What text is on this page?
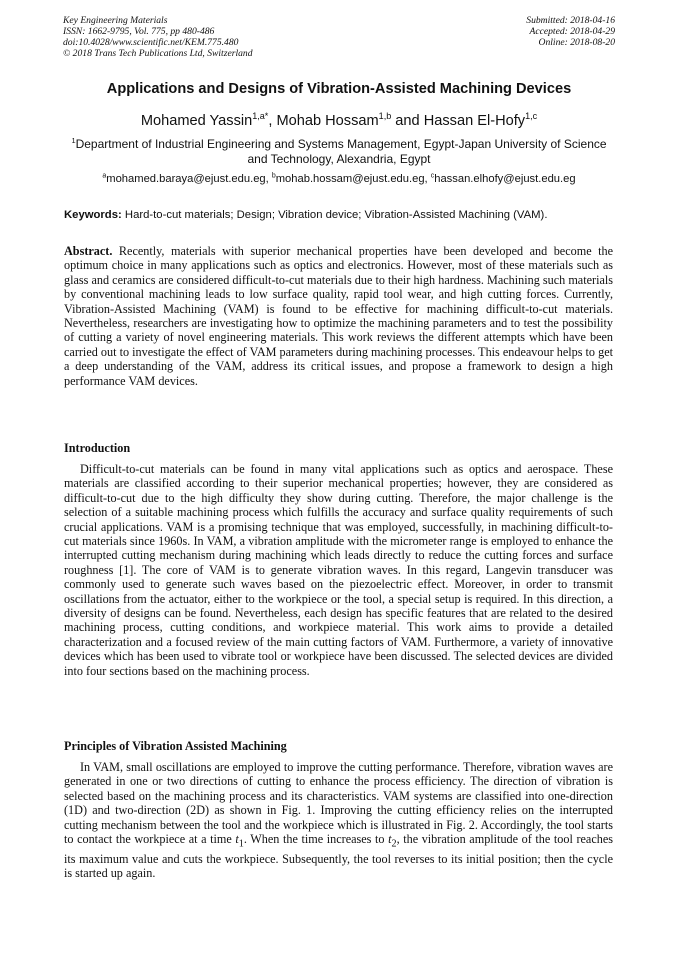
Key Engineering Materials
ISSN: 1662-9795, Vol. 775, pp 480-486
doi:10.4028/www.scientific.net/KEM.775.480
© 2018 Trans Tech Publications Ltd, Switzerland
Submitted: 2018-04-16
Accepted: 2018-04-29
Online: 2018-08-20
Applications and Designs of Vibration-Assisted Machining Devices
Mohamed Yassin$^{1,a*}$, Mohab Hossam$^{1,b}$ and Hassan El-Hofy$^{1,c}$
$^1$Department of Industrial Engineering and Systems Management, Egypt-Japan University of Science and Technology, Alexandria, Egypt
$^a$mohamed.baraya@ejust.edu.eg, $^b$mohab.hossam@ejust.edu.eg, $^c$hassan.elhofy@ejust.edu.eg
Keywords: Hard-to-cut materials; Design; Vibration device; Vibration-Assisted Machining (VAM).
Abstract. Recently, materials with superior mechanical properties have been developed and become the optimum choice in many applications such as optics and electronics. However, most of these materials such as glass and ceramics are considered difficult-to-cut materials due to their high hardness. Machining such materials by conventional machining leads to low surface quality, rapid tool wear, and high cutting forces. Currently, Vibration-Assisted Machining (VAM) is found to be effective for machining difficult-to-cut materials. Nevertheless, researchers are investigating how to optimize the machining parameters and to test the possibility of cutting a variety of novel engineering materials. This work reviews the different attempts which have been carried out to investigate the effect of VAM parameters during machining processes. This endeavour helps to get a deep understanding of the VAM, address its critical issues, and propose a framework to design a high performance VAM devices.
Introduction
Difficult-to-cut materials can be found in many vital applications such as optics and aerospace. These materials are classified according to their superior mechanical properties; however, they are considered as difficult-to-cut due to the high difficulty they show during cutting. Therefore, the major challenge is the selection of a suitable machining process which fulfills the accuracy and surface quality requirements of such crucial applications. VAM is a promising technique that was employed, successfully, in machining difficult-to-cut materials since 1960s. In VAM, a vibration amplitude with the micrometer range is employed to enhance the interrupted cutting mechanism during machining which leads directly to reduce the cutting forces and surface roughness [1]. The core of VAM is to generate vibration waves. In this regard, Langevin transducer was commonly used to generate such waves based on the piezoelectric effect. Moreover, in order to transmit oscillations from the actuator, either to the workpiece or the tool, a special setup is required. In this direction, a diversity of designs can be found. Nevertheless, each design has specific features that are related to the desired machining process, cutting conditions, and workpiece material. This work aims to provide a detailed characterization and a focused review of the main cutting factors of VAM. Furthermore, a variety of innovative devices which has been used to vibrate tool or workpiece have been discussed. The selected devices are divided into four sections based on the machining process.
Principles of Vibration Assisted Machining
In VAM, small oscillations are employed to improve the cutting performance. Therefore, vibration waves are generated in one or two directions of cutting to enhance the process efficiency. The direction of vibration is selected based on the machining process and its characteristics. VAM systems are classified into one-direction (1D) and two-direction (2D) as shown in Fig. 1. Improving the cutting efficiency relies on the interrupted cutting mechanism between the tool and the workpiece which is illustrated in Fig. 2. Accordingly, the tool starts to contact the workpiece at a time $t_1$. When the time increases to $t_2$, the vibration amplitude of the tool reaches its maximum value and cuts the workpiece. Subsequently, the tool reverses to its initial position; then the cycle is started up again.
